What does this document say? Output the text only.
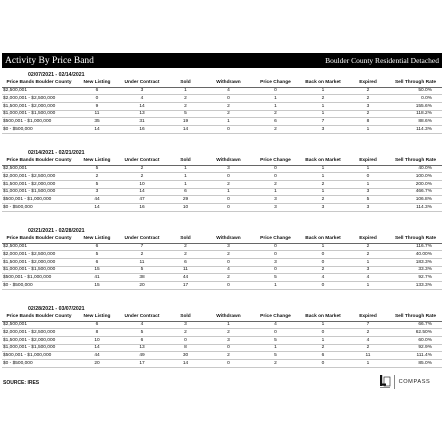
Activity By Price Band	Boulder County Residential Detached
02/07/2021 - 02/14/2021
Price Bands Boulder County	New Listing	Under Contract	Sold	Withdrawn	Price Change	Back on Market	Expired	Sell Through Rate
$2,500,001	6	3	1	4	0	1	2	50.0%
$2,000,001 - $2,500,000	0	4	2	0	1	2	2	0.0%
$1,500,001 - $2,000,000	9	14	2	2	1	1	3	155.6%
$1,000,001 - $1,500,000	11	13	5	2	2	1	2	118.2%
$500,001 - $1,000,000	35	31	19	1	6	7	8	88.6%
$0 - $500,000	14	16	14	0	2	3	1	114.3%
02/14/2021 - 02/21/2021
Price Bands Boulder County	New Listing	Under Contract	Sold	Withdrawn	Price Change	Back on Market	Expired	Sell Through Rate
$2,500,001	5	2	1	3	0	1	1	40.0%
$2,000,001 - $2,500,000	2	2	1	0	0	1	0	100.0%
$1,500,001 - $2,000,000	5	10	1	2	2	2	1	200.0%
$1,000,001 - $1,500,000	3	14	6	1	1	1	3	466.7%
$500,001 - $1,000,000	44	47	29	0	3	2	5	106.8%
$0 - $500,000	14	16	10	0	3	3	3	114.3%
02/21/2021 - 02/28/2021
Price Bands Boulder County	New Listing	Under Contract	Sold	Withdrawn	Price Change	Back on Market	Expired	Sell Through Rate
$2,500,001	6	7	2	3	0	1	2	116.7%
$2,000,001 - $2,500,000	5	2	2	2	0	0	2	40.00%
$1,500,001 - $2,000,000	6	11	6	0	3	0	1	183.3%
$1,000,001 - $1,500,000	15	5	11	4	0	2	3	33.3%
$500,001 - $1,000,000	41	38	44	2	5	4	4	92.7%
$0 - $500,000	15	20	17	0	1	0	1	133.3%
02/28/2021 - 03/07/2021
Price Bands Boulder County	New Listing	Under Contract	Sold	Withdrawn	Price Change	Back on Market	Expired	Sell Through Rate
$2,500,001	6	4	3	1	4	1	7	66.7%
$2,000,001 - $2,500,000	8	5	2	2	0	0	2	62.50%
$1,500,001 - $2,000,000	10	6	0	3	5	1	4	60.0%
$1,000,001 - $1,500,000	14	13	8	0	1	2	2	92.9%
$500,001 - $1,000,000	44	49	30	2	5	6	11	111.4%
$0 - $500,000	20	17	14	0	2	0	1	85.0%
SOURCE: IRES	COMPASS
